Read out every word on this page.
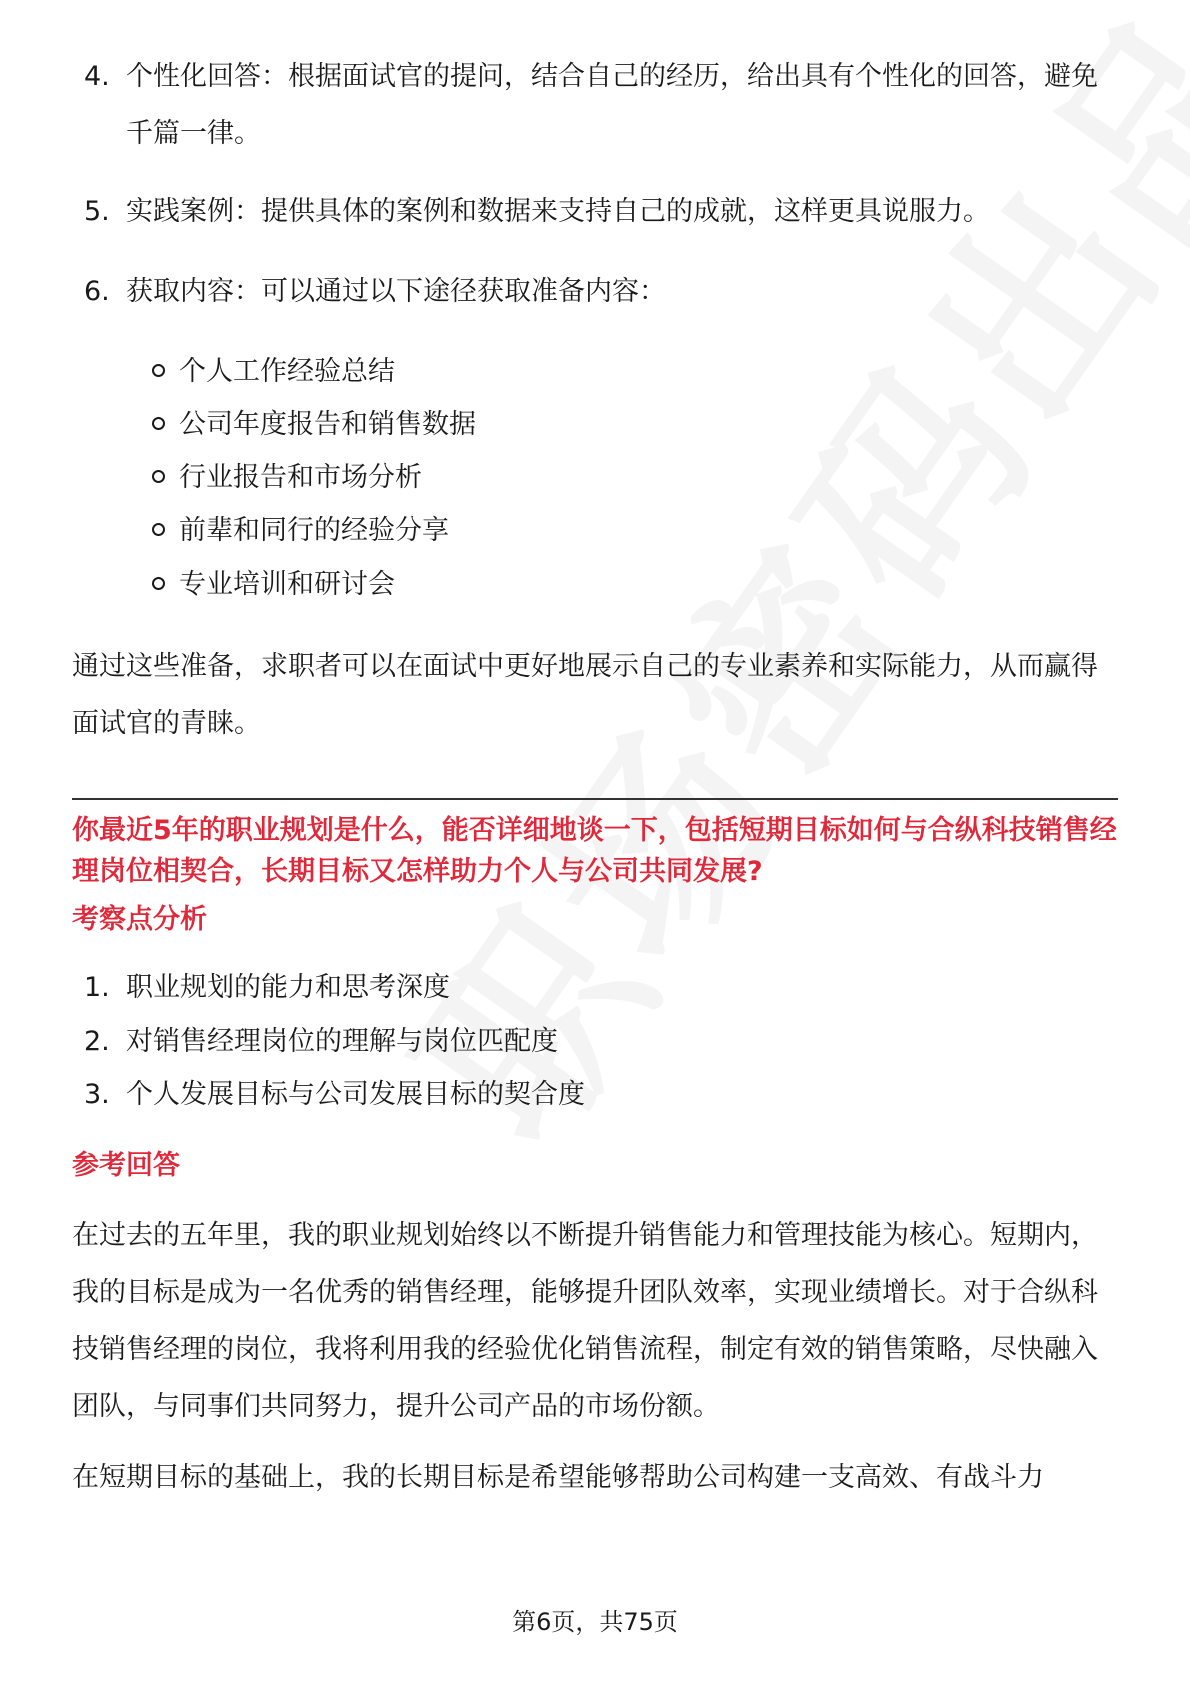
4. 个性化回答：根据面试官的提问，结合自己的经历，给出具有个性化的回答，避免千篇一律。
5. 实践案例：提供具体的案例和数据来支持自己的成就，这样更具说服力。
6. 获取内容：可以通过以下途径获取准备内容：
个人工作经验总结
公司年度报告和销售数据
行业报告和市场分析
前辈和同行的经验分享
专业培训和研讨会
通过这些准备，求职者可以在面试中更好地展示自己的专业素养和实际能力，从而赢得面试官的青睐。
你最近5年的职业规划是什么，能否详细地谈一下，包括短期目标如何与合纵科技销售经理岗位相契合，长期目标又怎样助力个人与公司共同发展?
考察点分析
1. 职业规划的能力和思考深度
2. 对销售经理岗位的理解与岗位匹配度
3. 个人发展目标与公司发展目标的契合度
参考回答
在过去的五年里，我的职业规划始终以不断提升销售能力和管理技能为核心。短期内，我的目标是成为一名优秀的销售经理，能够提升团队效率，实现业绩增长。对于合纵科技销售经理的岗位，我将利用我的经验优化销售流程，制定有效的销售策略，尽快融入团队，与同事们共同努力，提升公司产品的市场份额。
在短期目标的基础上，我的长期目标是希望能够帮助公司构建一支高效、有战斗力
第6页，共75页
